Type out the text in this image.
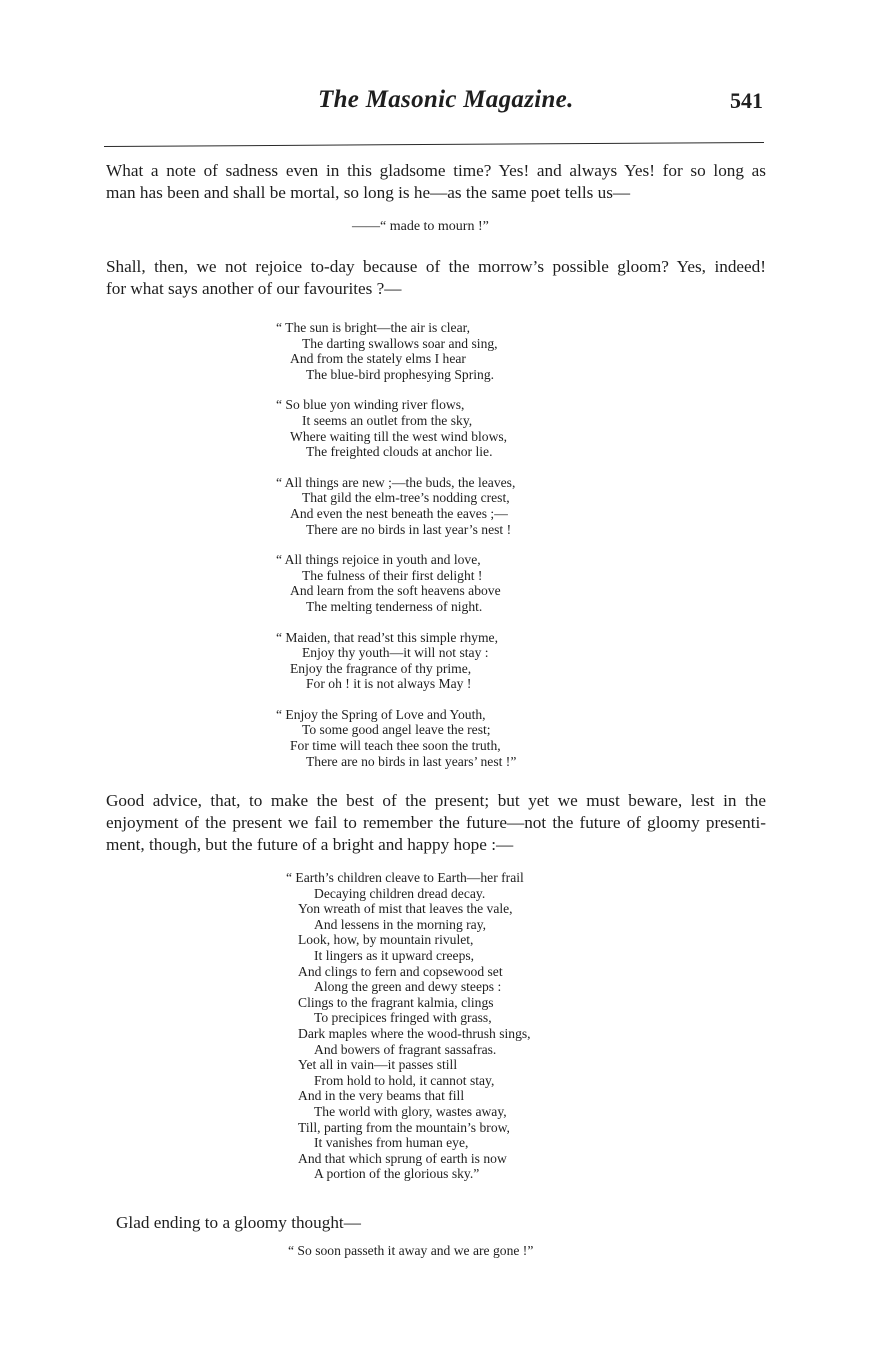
The Masonic Magazine.	541
What a note of sadness even in this gladsome time? Yes! and always Yes! for so long as
man has been and shall be mortal, so long is he—as the same poet tells us—
——“ made to mourn !”
Shall, then, we not rejoice to-day because of the morrow’s possible gloom? Yes, indeed!
for what says another of our favourites ?—
“ The sun is bright—the air is clear,
The darting swallows soar and sing,
And from the stately elms I hear
The blue-bird prophesying Spring.
“ So blue yon winding river flows,
It seems an outlet from the sky,
Where waiting till the west wind blows,
The freighted clouds at anchor lie.
“ All things are new ;—the buds, the leaves,
That gild the elm-tree’s nodding crest,
And even the nest beneath the eaves ;—
There are no birds in last year’s nest !
“ All things rejoice in youth and love,
The fulness of their first delight !
And learn from the soft heavens above
The melting tenderness of night.
“ Maiden, that read’st this simple rhyme,
Enjoy thy youth—it will not stay :
Enjoy the fragrance of thy prime,
For oh ! it is not always May !
“ Enjoy the Spring of Love and Youth,
To some good angel leave the rest;
For time will teach thee soon the truth,
There are no birds in last years’ nest !”
Good advice, that, to make the best of the present; but yet we must beware, lest in the
enjoyment of the present we fail to remember the future—not the future of gloomy presenti-
ment, though, but the future of a bright and happy hope :—
“ Earth’s children cleave to Earth—her frail
Decaying children dread decay.
Yon wreath of mist that leaves the vale,
And lessens in the morning ray,
Look, how, by mountain rivulet,
It lingers as it upward creeps,
And clings to fern and copsewood set
Along the green and dewy steeps :
Clings to the fragrant kalmia, clings
To precipices fringed with grass,
Dark maples where the wood-thrush sings,
And bowers of fragrant sassafras.
Yet all in vain—it passes still
From hold to hold, it cannot stay,
And in the very beams that fill
The world with glory, wastes away,
Till, parting from the mountain’s brow,
It vanishes from human eye,
And that which sprung of earth is now
A portion of the glorious sky.”
Glad ending to a gloomy thought—
“ So soon passeth it away and we are gone !”
